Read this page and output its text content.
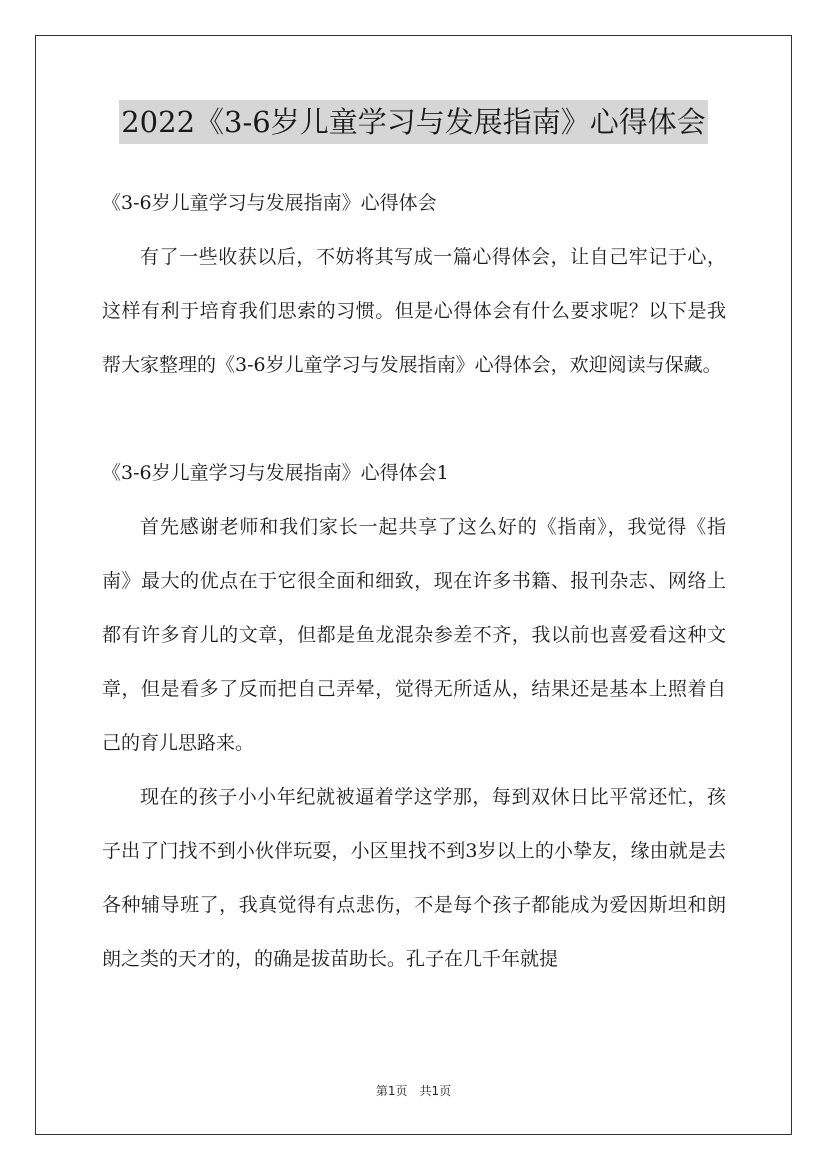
2022《3-6岁儿童学习与发展指南》心得体会

《3-6岁儿童学习与发展指南》心得体会

有了一些收获以后，不妨将其写成一篇心得体会，让自己牢记于心，这样有利于培育我们思索的习惯。但是心得体会有什么要求呢？以下是我帮大家整理的《3-6岁儿童学习与发展指南》心得体会，欢迎阅读与保藏。

《3-6岁儿童学习与发展指南》心得体会1

首先感谢老师和我们家长一起共享了这么好的《指南》，我觉得《指南》最大的优点在于它很全面和细致，现在许多书籍、报刊杂志、网络上都有许多育儿的文章，但都是鱼龙混杂参差不齐，我以前也喜爱看这种文章，但是看多了反而把自己弄晕，觉得无所适从，结果还是基本上照着自己的育儿思路来。

现在的孩子小小年纪就被逼着学这学那，每到双休日比平常还忙，孩子出了门找不到小伙伴玩耍，小区里找不到3岁以上的小挚友，缘由就是去各种辅导班了，我真觉得有点悲伤，不是每个孩子都能成为爱因斯坦和朗朗之类的天才的，的确是拔苗助长。孔子在几千年就提

第1页 共1页
